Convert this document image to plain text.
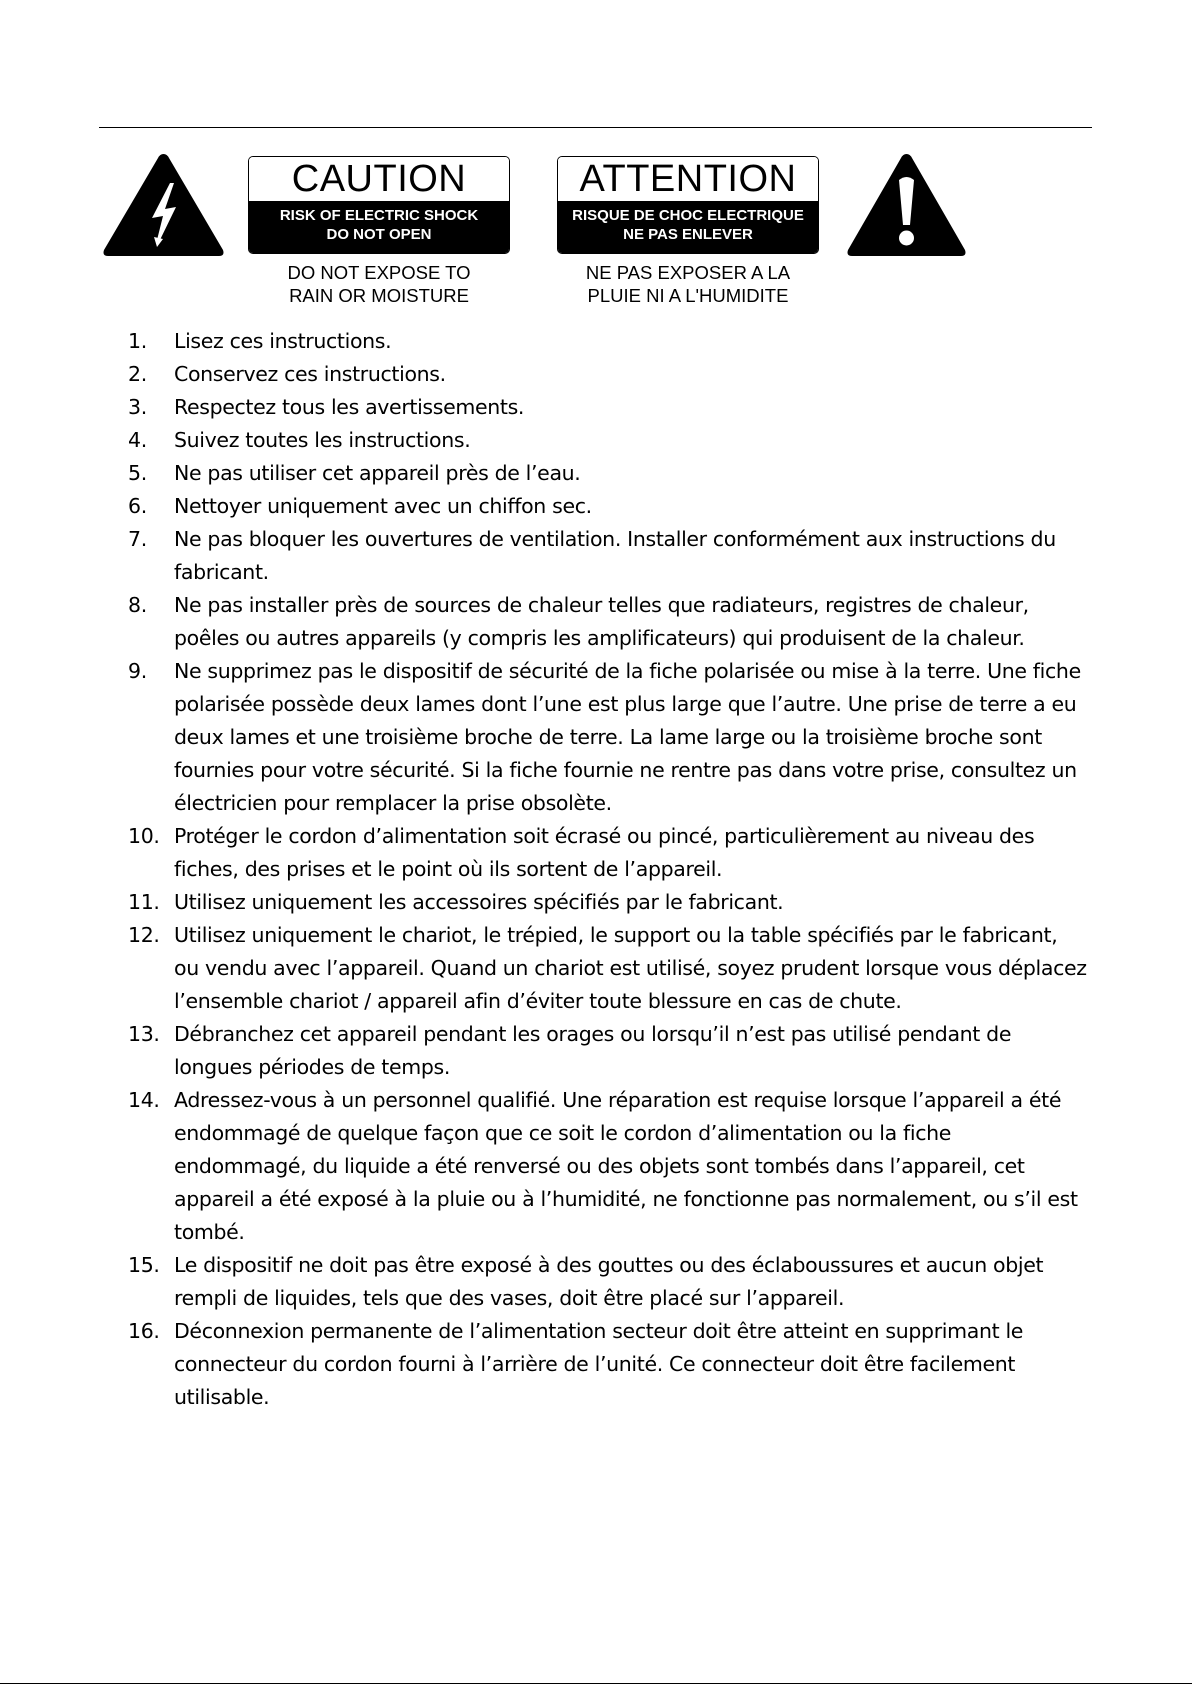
CAUTION
RISK OF ELECTRIC SHOCK
DO NOT OPEN
DO NOT EXPOSE TO
RAIN OR MOISTURE
ATTENTION
RISQUE DE CHOC ELECTRIQUE
NE PAS ENLEVER
NE PAS EXPOSER A LA
PLUIE NI A L'HUMIDITE
1.	Lisez ces instructions.
2.	Conservez ces instructions.
3.	Respectez tous les avertissements.
4.	Suivez toutes les instructions.
5.	Ne pas utiliser cet appareil près de l’eau.
6.	Nettoyer uniquement avec un chiffon sec.
7.	Ne pas bloquer les ouvertures de ventilation. Installer conformément aux instructions du fabricant.
8.	Ne pas installer près de sources de chaleur telles que radiateurs, registres de chaleur, poêles ou autres appareils (y compris les amplificateurs) qui produisent de la chaleur.
9.	Ne supprimez pas le dispositif de sécurité de la fiche polarisée ou mise à la terre. Une fiche polarisée possède deux lames dont l’une est plus large que l’autre. Une prise de terre a eu deux lames et une troisième broche de terre. La lame large ou la troisième broche sont fournies pour votre sécurité. Si la fiche fournie ne rentre pas dans votre prise, consultez un électricien pour remplacer la prise obsolète.
10. Protéger le cordon d’alimentation soit écrasé ou pincé, particulièrement au niveau des fiches, des prises et le point où ils sortent de l’appareil.
11. Utilisez uniquement les accessoires spécifiés par le fabricant.
12. Utilisez uniquement le chariot, le trépied, le support ou la table spécifiés par le fabricant, ou vendu avec l’appareil. Quand un chariot est utilisé, soyez prudent lorsque vous déplacez l’ensemble chariot / appareil afin d’éviter toute blessure en cas de chute.
13. Débranchez cet appareil pendant les orages ou lorsqu’il n’est pas utilisé pendant de longues périodes de temps.
14. Adressez-vous à un personnel qualifié. Une réparation est requise lorsque l’appareil a été endommagé de quelque façon que ce soit le cordon d’alimentation ou la fiche endommagé, du liquide a été renversé ou des objets sont tombés dans l’appareil, cet appareil a été exposé à la pluie ou à l’humidité, ne fonctionne pas normalement, ou s’il est tombé.
15. Le dispositif ne doit pas être exposé à des gouttes ou des éclaboussures et aucun objet rempli de liquides, tels que des vases, doit être placé sur l’appareil.
16. Déconnexion permanente de l’alimentation secteur doit être atteint en supprimant le connecteur du cordon fourni à l’arrière de l’unité. Ce connecteur doit être facilement utilisable.
